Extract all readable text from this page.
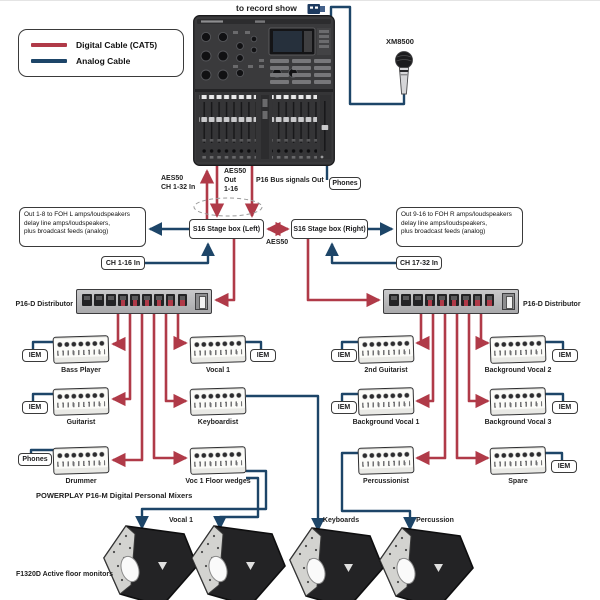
Digital Cable (CAT5)
Analog Cable
to record show
XM8500
AES50
CH 1-32 In
AES50
Out
1-16
P16 Bus signals Out	Phones
S16 Stage box (Left)	S16 Stage box (Right)
AES50
Out 1-8 to FOH L amps/loudspeakers
delay line amps/loudspeakers,
plus broadcast feeds (analog)
Out 9-16 to FOH R amps/loudspeakers
delay line amps/loudspeakers,
plus broadcast feeds (analog)
CH 1-16 In	CH 17-32 In
P16-D Distributor	P16-D Distributor
Bass Player
IEM
Vocal 1
IEM
2nd Guitarist
IEM
Background Vocal 2
IEM
Guitarist
IEM
Keyboardist	Background Vocal 1
IEM
Background Vocal 3
IEM
Drummer
Phones
Voc 1 Floor wedges	Percussionist	Spare
IEM
POWERPLAY P16-M Digital Personal Mixers
Vocal 1	Keyboards	Percussion
F1320D Active floor monitors
